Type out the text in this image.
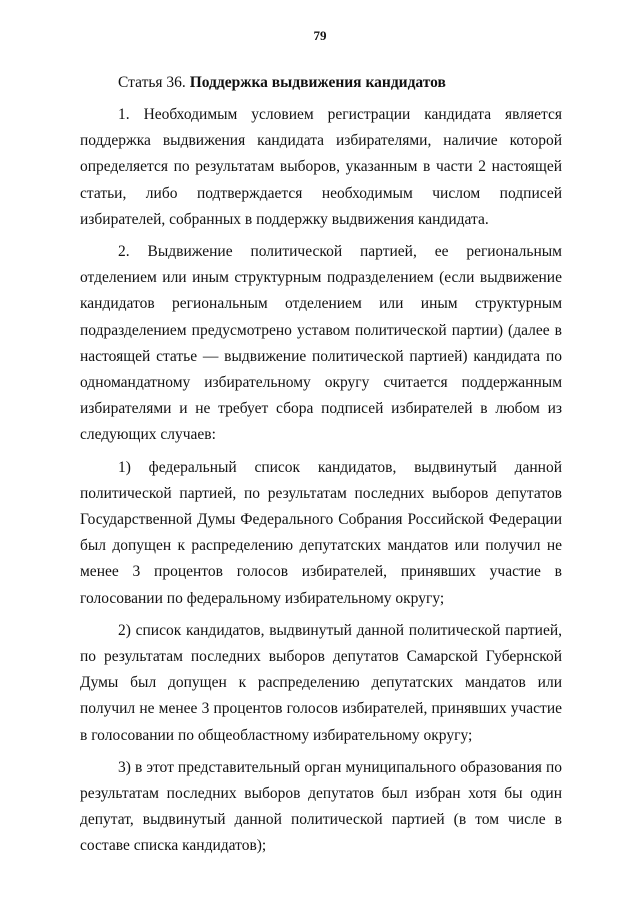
79
Статья 36. Поддержка выдвижения кандидатов

1. Необходимым условием регистрации кандидата является поддержка выдвижения кандидата избирателями, наличие которой определяется по результатам выборов, указанным в части 2 настоящей статьи, либо подтверждается необходимым числом подписей избирателей, собранных в поддержку выдвижения кандидата.

2. Выдвижение политической партией, ее региональным отделением или иным структурным подразделением (если выдвижение кандидатов региональным отделением или иным структурным подразделением предусмотрено уставом политической партии) (далее в настоящей статье — выдвижение политической партией) кандидата по одномандатному избирательному округу считается поддержанным избирателями и не требует сбора подписей избирателей в любом из следующих случаев:

1) федеральный список кандидатов, выдвинутый данной политической партией, по результатам последних выборов депутатов Государственной Думы Федерального Собрания Российской Федерации был допущен к распределению депутатских мандатов или получил не менее 3 процентов голосов избирателей, принявших участие в голосовании по федеральному избирательному округу;

2) список кандидатов, выдвинутый данной политической партией, по результатам последних выборов депутатов Самарской Губернской Думы был допущен к распределению депутатских мандатов или получил не менее 3 процентов голосов избирателей, принявших участие в голосовании по общеобластному избирательному округу;

3) в этот представительный орган муниципального образования по результатам последних выборов депутатов был избран хотя бы один депутат, выдвинутый данной политической партией (в том числе в составе списка кандидатов);
